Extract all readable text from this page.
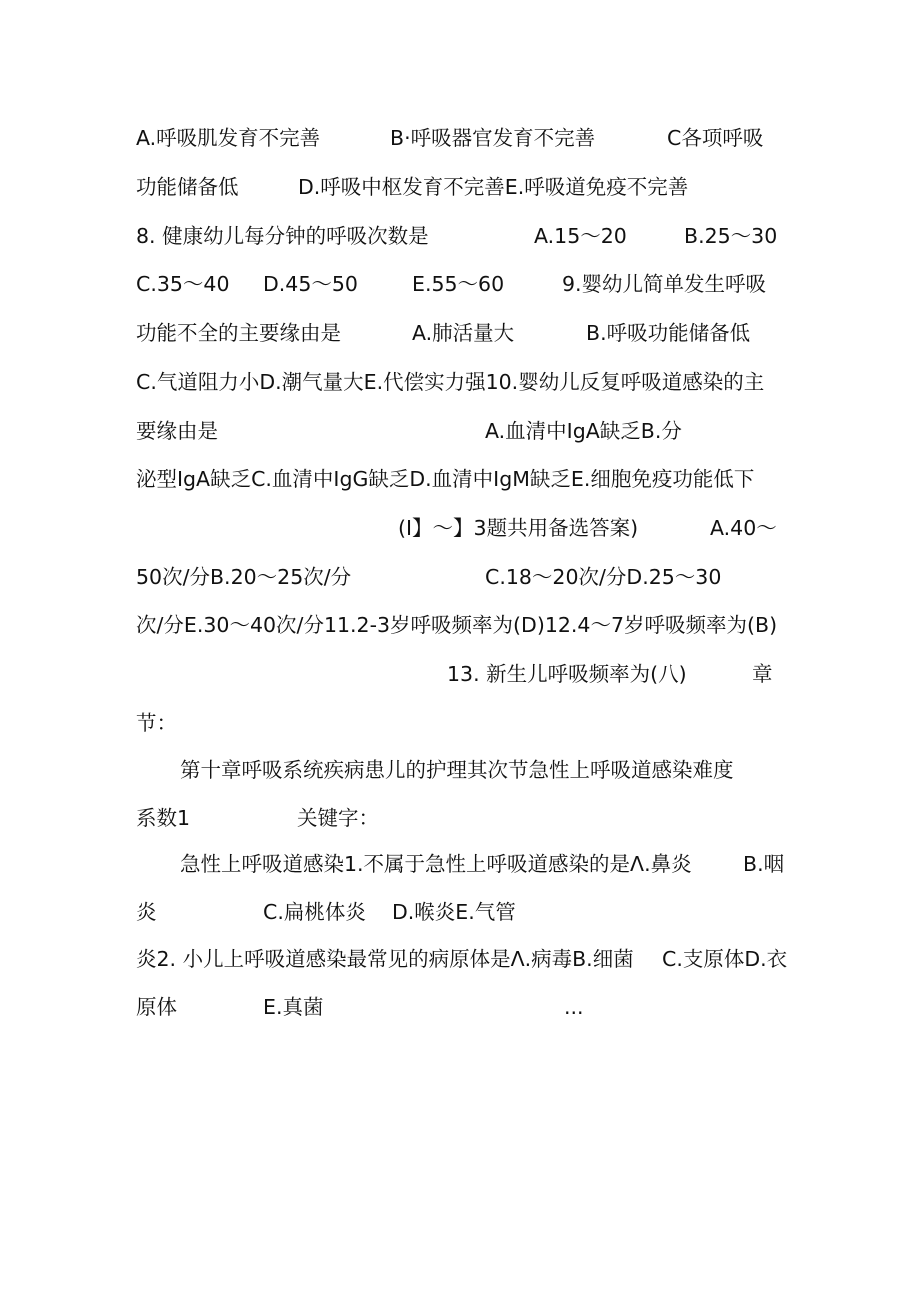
A.呼吸肌发育不完善	B·呼吸器官发育不完善	C各项呼吸
功能储备低	D.呼吸中枢发育不完善E.呼吸道免疫不完善
8. 健康幼儿每分钟的呼吸次数是	A.15～20	B.25～30
C.35～40 D.45～50	E.55～60	9.婴幼儿简单发生呼吸
功能不全的主要缘由是	A.肺活量大	B.呼吸功能储备低
C.气道阻力小D.潮气量大E.代偿实力强10.婴幼儿反复呼吸道感染的主
要缘由是	A.血清中IgA缺乏B.分
泌型IgA缺乏C.血清中IgG缺乏D.血清中IgM缺乏E.细胞免疫功能低下
(I】～】3题共用备选答案)	A.40～
50次/分B.20～25次/分	C.18～20次/分D.25～30
次/分E.30～40次/分11.2-3岁呼吸频率为(D)12.4～7岁呼吸频率为(B)
13. 新生儿呼吸频率为(八)	章
节：
第十章呼吸系统疾病患儿的护理其次节急性上呼吸道感染难度
系数1	关键字：
急性上呼吸道感染1.不属于急性上呼吸道感染的是Λ.鼻炎	B.咽
炎	C.扁桃体炎 D.喉炎E.气管
炎2. 小儿上呼吸道感染最常见的病原体是Λ.病毒B.细菌 C.支原体D.衣
原体	E.真菌	...
